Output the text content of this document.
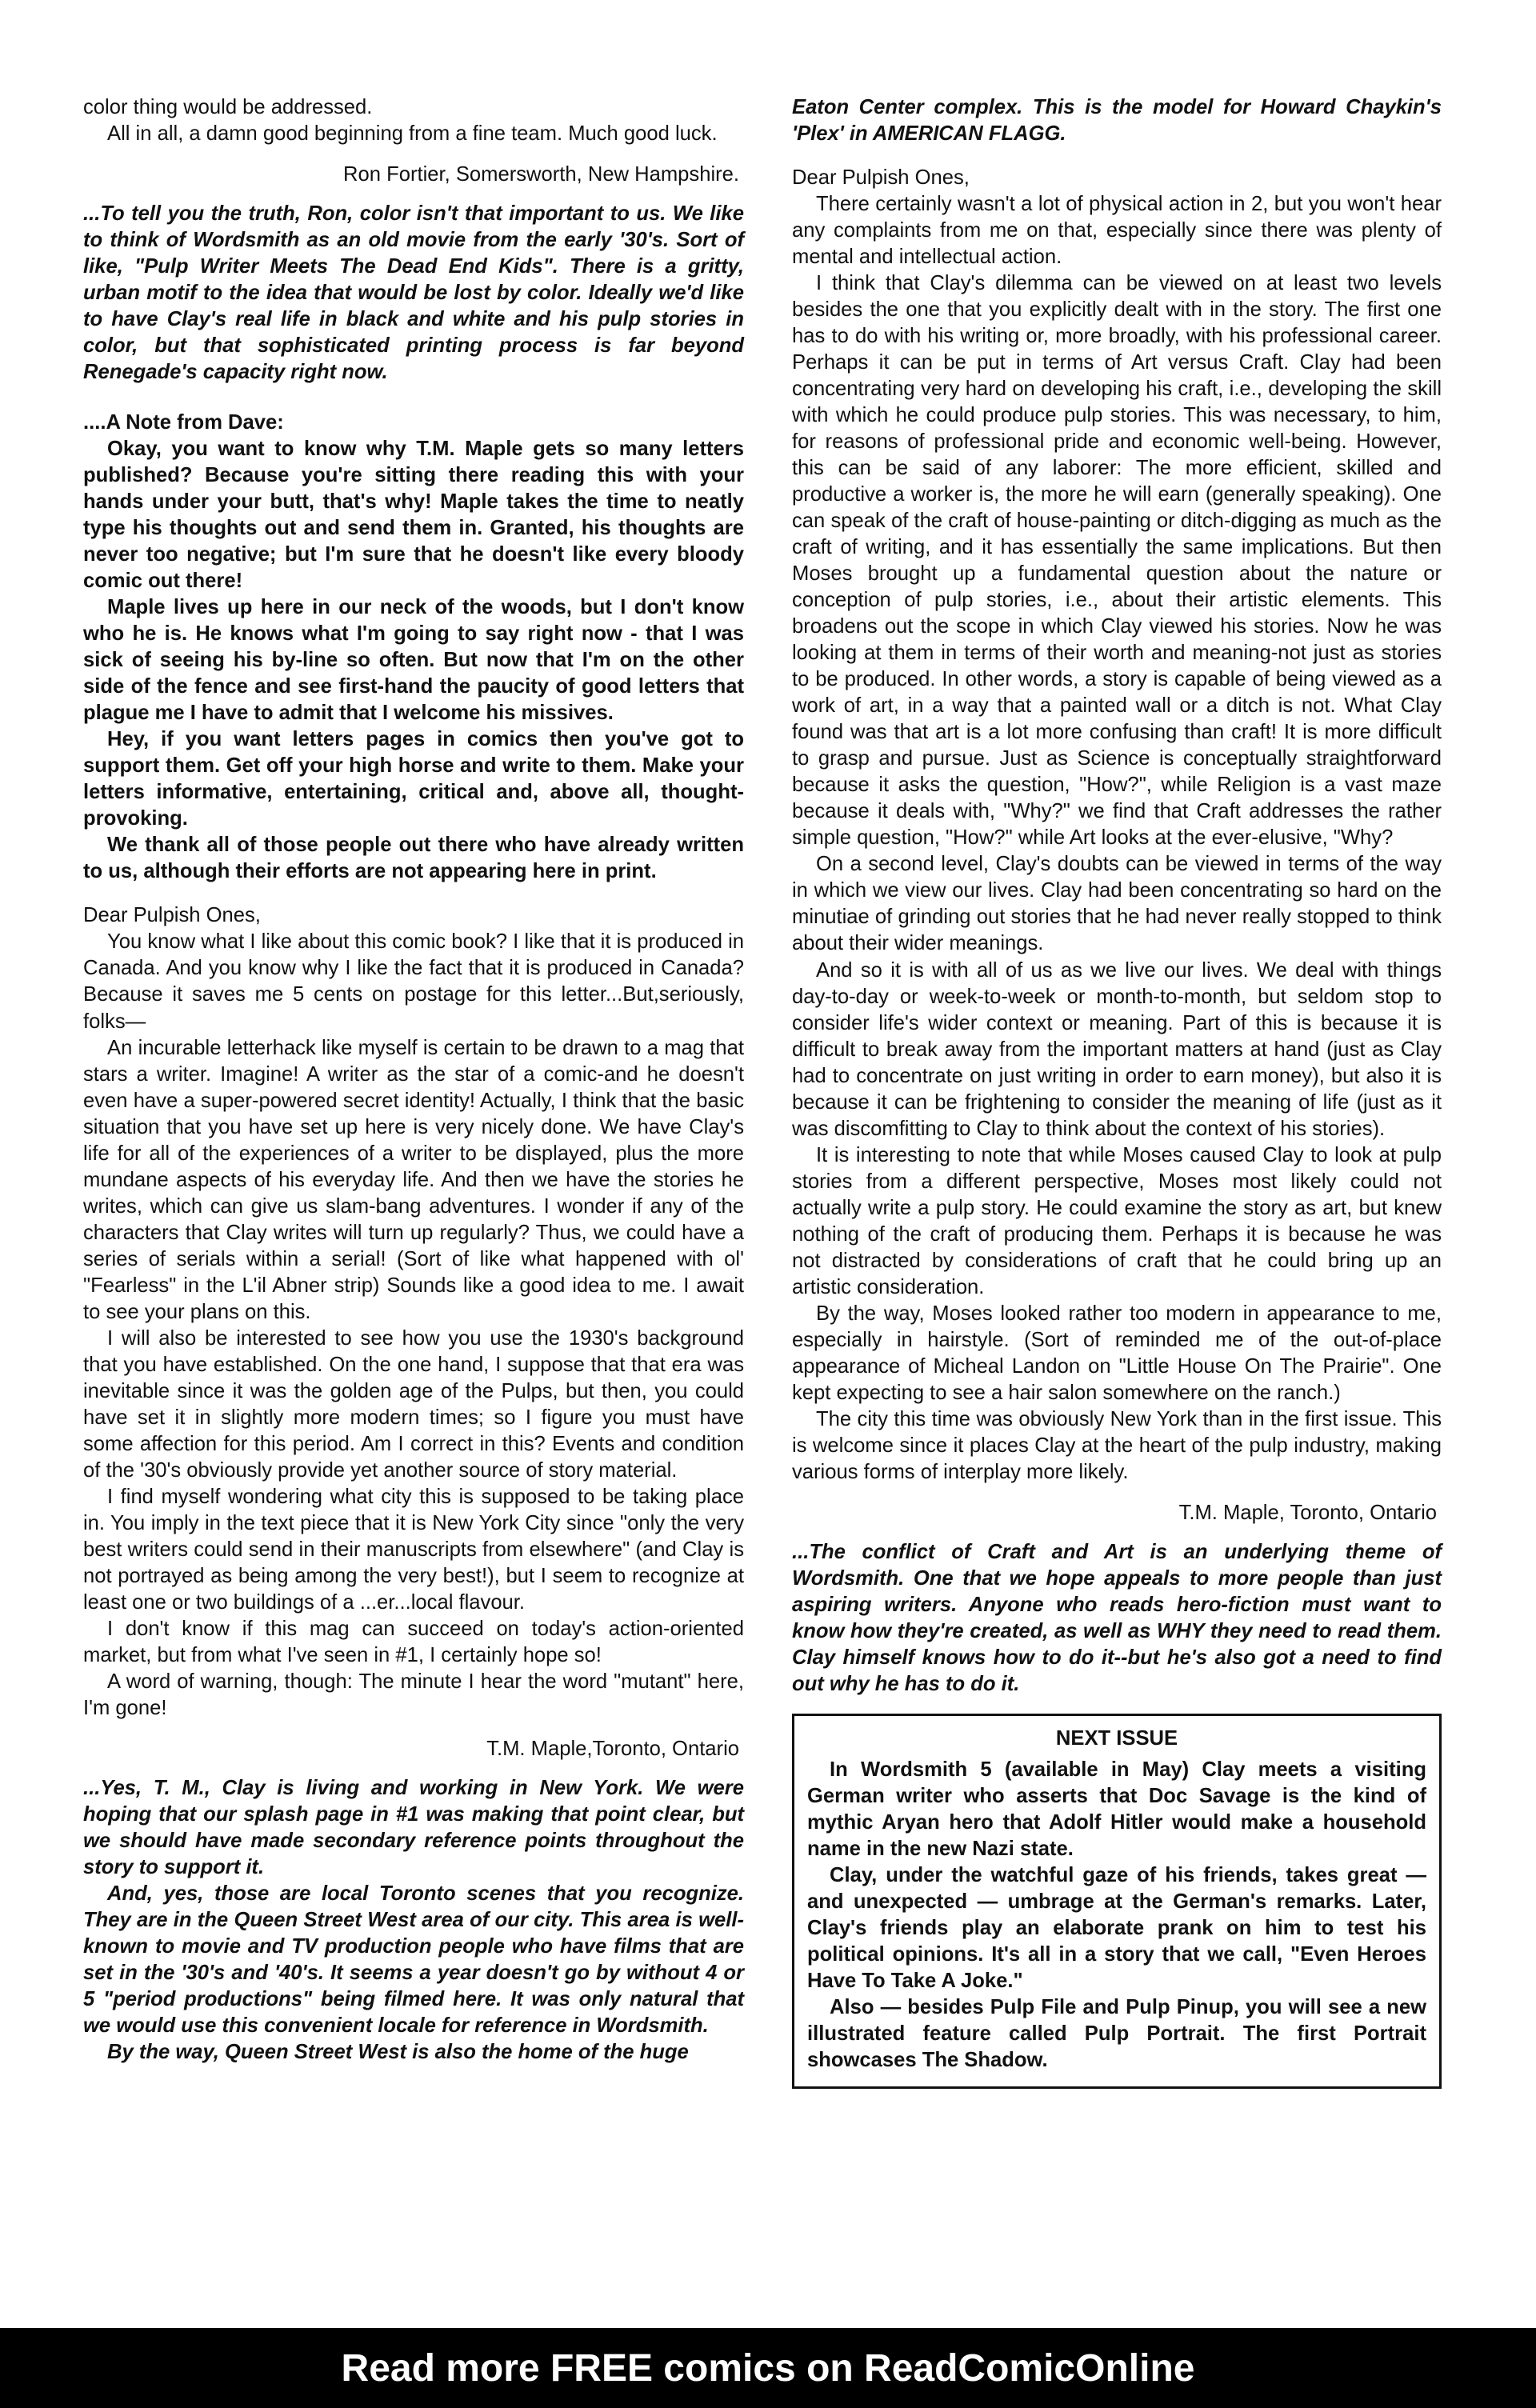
color thing would be addressed.

All in all, a damn good beginning from a fine team. Much good luck.

Ron Fortier, Somersworth, New Hampshire.

...To tell you the truth, Ron, color isn't that important to us. We like to think of Wordsmith as an old movie from the early '30's. Sort of like, "Pulp Writer Meets The Dead End Kids". There is a gritty, urban motif to the idea that would be lost by color. Ideally we'd like to have Clay's real life in black and white and his pulp stories in color, but that sophisticated printing process is far beyond Renegade's capacity right now.

....A Note from Dave:

Okay, you want to know why T.M. Maple gets so many letters published? Because you're sitting there reading this with your hands under your butt, that's why! Maple takes the time to neatly type his thoughts out and send them in. Granted, his thoughts are never too negative; but I'm sure that he doesn't like every bloody comic out there!

Maple lives up here in our neck of the woods, but I don't know who he is. He knows what I'm going to say right now - that I was sick of seeing his by-line so often. But now that I'm on the other side of the fence and see first-hand the paucity of good letters that plague me I have to admit that I welcome his missives.

Hey, if you want letters pages in comics then you've got to support them. Get off your high horse and write to them. Make your letters informative, entertaining, critical and, above all, thought-provoking.

We thank all of those people out there who have already written to us, although their efforts are not appearing here in print.

Dear Pulpish Ones,

You know what I like about this comic book? I like that it is produced in Canada. And you know why I like the fact that it is produced in Canada? Because it saves me 5 cents on postage for this letter...But,seriously, folks—

An incurable letterhack like myself is certain to be drawn to a mag that stars a writer. Imagine! A writer as the star of a comic-and he doesn't even have a super-powered secret identity! Actually, I think that the basic situation that you have set up here is very nicely done. We have Clay's life for all of the experiences of a writer to be displayed, plus the more mundane aspects of his everyday life. And then we have the stories he writes, which can give us slam-bang adventures. I wonder if any of the characters that Clay writes will turn up regularly? Thus, we could have a series of serials within a serial! (Sort of like what happened with ol' "Fearless" in the L'il Abner strip) Sounds like a good idea to me. I await to see your plans on this.

I will also be interested to see how you use the 1930's background that you have established. On the one hand, I suppose that that era was inevitable since it was the golden age of the Pulps, but then, you could have set it in slightly more modern times; so I figure you must have some affection for this period. Am I correct in this? Events and condition of the '30's obviously provide yet another source of story material.

I find myself wondering what city this is supposed to be taking place in. You imply in the text piece that it is New York City since "only the very best writers could send in their manuscripts from elsewhere" (and Clay is not portrayed as being among the very best!), but I seem to recognize at least one or two buildings of a ...er...local flavour.

I don't know if this mag can succeed on today's action-oriented market, but from what I've seen in #1, I certainly hope so!

A word of warning, though: The minute I hear the word "mutant" here, I'm gone!

T.M. Maple,Toronto, Ontario

...Yes, T. M., Clay is living and working in New York. We were hoping that our splash page in #1 was making that point clear, but we should have made secondary reference points throughout the story to support it.

And, yes, those are local Toronto scenes that you recognize. They are in the Queen Street West area of our city. This area is well-known to movie and TV production people who have films that are set in the '30's and '40's. It seems a year doesn't go by without 4 or 5 "period productions" being filmed here. It was only natural that we would use this convenient locale for reference in Wordsmith.

By the way, Queen Street West is also the home of the huge

Eaton Center complex. This is the model for Howard Chaykin's 'Plex' in AMERICAN FLAGG.

Dear Pulpish Ones,

There certainly wasn't a lot of physical action in 2, but you won't hear any complaints from me on that, especially since there was plenty of mental and intellectual action.

I think that Clay's dilemma can be viewed on at least two levels besides the one that you explicitly dealt with in the story. The first one has to do with his writing or, more broadly, with his professional career. Perhaps it can be put in terms of Art versus Craft. Clay had been concentrating very hard on developing his craft, i.e., developing the skill with which he could produce pulp stories. This was necessary, to him, for reasons of professional pride and economic well-being. However, this can be said of any laborer: The more efficient, skilled and productive a worker is, the more he will earn (generally speaking). One can speak of the craft of house-painting or ditch-digging as much as the craft of writing, and it has essentially the same implications. But then Moses brought up a fundamental question about the nature or conception of pulp stories, i.e., about their artistic elements. This broadens out the scope in which Clay viewed his stories. Now he was looking at them in terms of their worth and meaning-not just as stories to be produced. In other words, a story is capable of being viewed as a work of art, in a way that a painted wall or a ditch is not. What Clay found was that art is a lot more confusing than craft! It is more difficult to grasp and pursue. Just as Science is conceptually straightforward because it asks the question, "How?", while Religion is a vast maze because it deals with, "Why?" we find that Craft addresses the rather simple question, "How?" while Art looks at the ever-elusive, "Why?

On a second level, Clay's doubts can be viewed in terms of the way in which we view our lives. Clay had been concentrating so hard on the minutiae of grinding out stories that he had never really stopped to think about their wider meanings.

And so it is with all of us as we live our lives. We deal with things day-to-day or week-to-week or month-to-month, but seldom stop to consider life's wider context or meaning. Part of this is because it is difficult to break away from the important matters at hand (just as Clay had to concentrate on just writing in order to earn money), but also it is because it can be frightening to consider the meaning of life (just as it was discomfitting to Clay to think about the context of his stories).

It is interesting to note that while Moses caused Clay to look at pulp stories from a different perspective, Moses most likely could not actually write a pulp story. He could examine the story as art, but knew nothing of the craft of producing them. Perhaps it is because he was not distracted by considerations of craft that he could bring up an artistic consideration.

By the way, Moses looked rather too modern in appearance to me, especially in hairstyle. (Sort of reminded me of the out-of-place appearance of Micheal Landon on "Little House On The Prairie". One kept expecting to see a hair salon somewhere on the ranch.)

The city this time was obviously New York than in the first issue. This is welcome since it places Clay at the heart of the pulp industry, making various forms of interplay more likely.

T.M. Maple, Toronto, Ontario

...The conflict of Craft and Art is an underlying theme of Wordsmith. One that we hope appeals to more people than just aspiring writers. Anyone who reads hero-fiction must want to know how they're created, as well as WHY they need to read them. Clay himself knows how to do it--but he's also got a need to find out why he has to do it.

NEXT ISSUE

In Wordsmith 5 (available in May) Clay meets a visiting German writer who asserts that Doc Savage is the kind of mythic Aryan hero that Adolf Hitler would make a household name in the new Nazi state.

Clay, under the watchful gaze of his friends, takes great — and unexpected — umbrage at the German's remarks. Later, Clay's friends play an elaborate prank on him to test his political opinions. It's all in a story that we call, "Even Heroes Have To Take A Joke."

Also — besides Pulp File and Pulp Pinup, you will see a new illustrated feature called Pulp Portrait. The first Portrait showcases The Shadow.

Read more FREE comics on ReadComicOnline
